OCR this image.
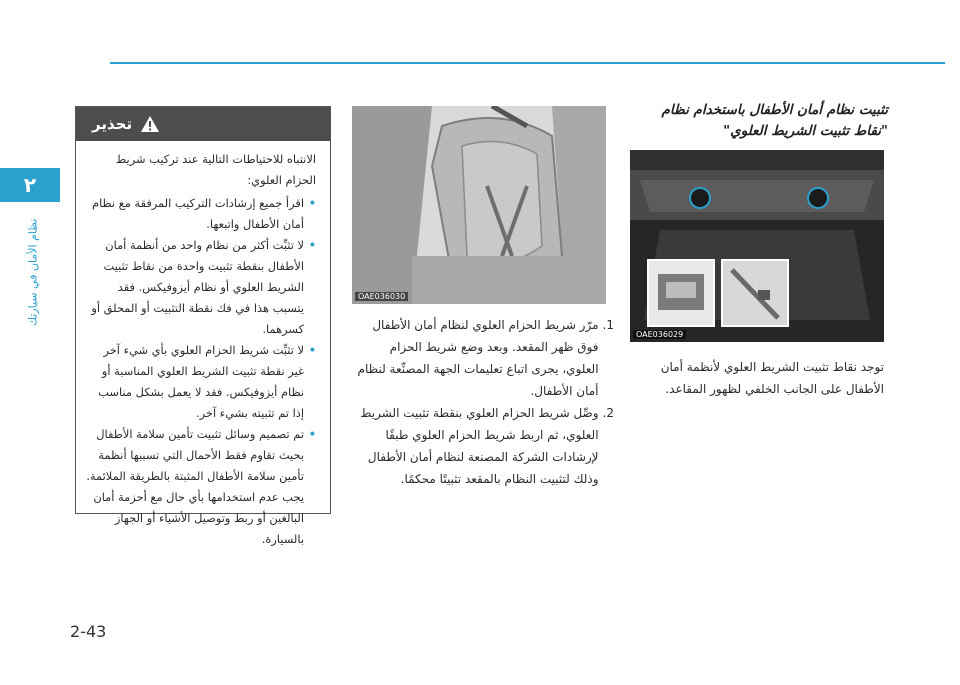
٢
نظام الأمان في سيارتك
تثبيت نظام أمان الأطفال باستخدام نظام "نقاط تثبيت الشريط العلوي"
OAE036029

توجد نقاط تثبيت الشريط العلوي لأنظمة أمان الأطفال على الجانب الخلفي لظهور المقاعد.

OAE036030
1.
مرّر شريط الحزام العلوي لنظام أمان الأطفال فوق ظهر المقعد. وبعد وضع شريط الحزام العلوي، يجرى اتباع تعليمات الجهة المصنِّعة لنظام أمان الأطفال.
2.
وصِّل شريط الحزام العلوي بنقطة تثبيت الشريط العلوي، ثم اربط شريط الحزام العلوي طبقًا لإرشادات الشركة المصنعة لنظام أمان الأطفال وذلك لتثبيت النظام بالمقعد تثبيتًا محكمًا.
تحذير

الانتباه للاحتياطات التالية عند تركيب شريط الحزام العلوي:

•
اقرأ جميع إرشادات التركيب المرفقة مع نظام أمان الأطفال واتبعها.
•
لا تثبِّت أكثر من نظام واحد من أنظمة أمان الأطفال بنقطة تثبيت واحدة من نقاط تثبيت الشريط العلوي أو نظام أيزوفيكس. فقد يتسبب هذا في فك نقطة التثبيت أو المحلق أو كسرهما.
•
لا تثبِّت شريط الحزام العلوي بأي شيء آخر غير نقطة تثبيت الشريط العلوي المناسبة أو نظام أيزوفيكس. فقد لا يعمل بشكل مناسب إذا تم تثبيته بشيء آخر.
•
تم تصميم وسائل تثبيت تأمين سلامة الأطفال بحيث تقاوم فقط الأحمال التي تسببها أنظمة تأمين سلامة الأطفال المثبتة بالطريقة الملائمة. يجب عدم استخدامها بأي حال مع أحزمة أمان البالغين أو ربط وتوصيل الأشياء أو الجهاز بالسيارة.
2-43
